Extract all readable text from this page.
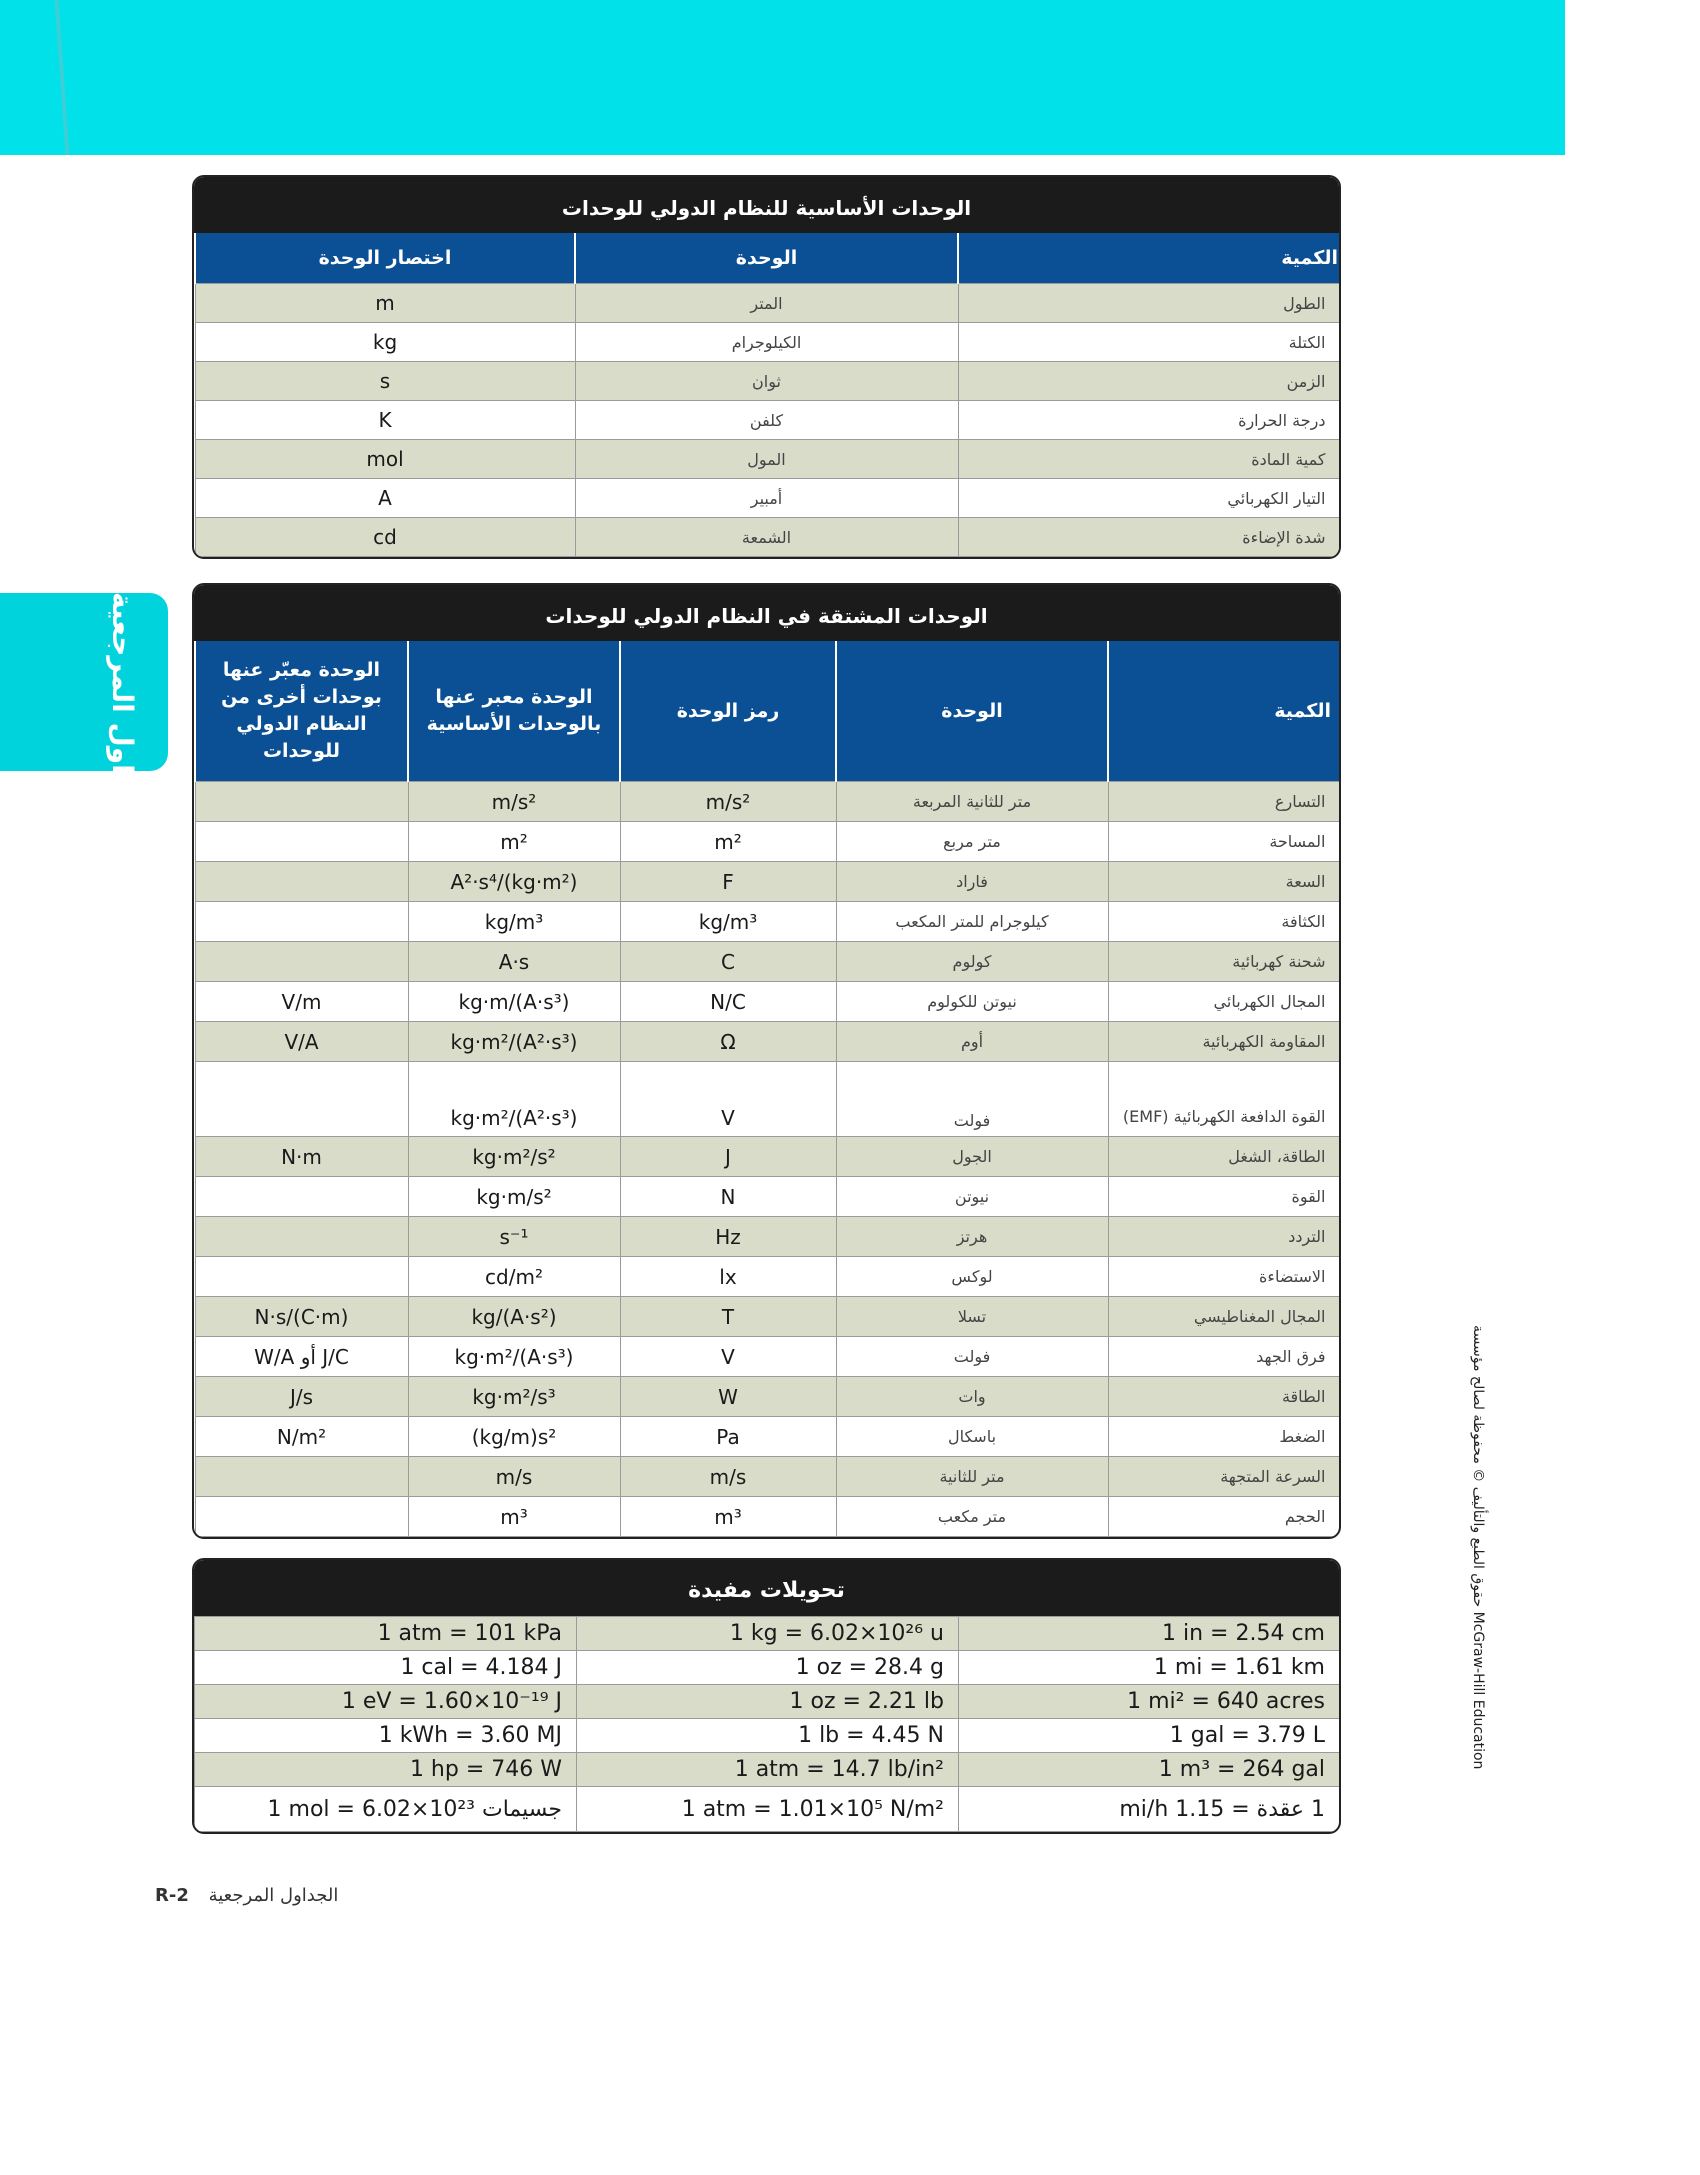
الجداول المرجعية
الوحدات الأساسية للنظام الدولي للوحدات
اختصار الوحدة	الوحدة	الكمية
m	المتر	الطول
kg	الكيلوجرام	الكتلة
s	ثوان	الزمن
K	كلفن	درجة الحرارة
mol	المول	كمية المادة
A	أمبير	التيار الكهربائي
cd	الشمعة	شدة الإضاءة
الوحدات المشتقة في النظام الدولي للوحدات
الوحدة معبّر عنها بوحدات أخرى من النظام الدولي للوحدات	الوحدة معبر عنها بالوحدات الأساسية	رمز الوحدة	الوحدة	الكمية
	m/s²	m/s²	متر للثانية المربعة	التسارع
	m²	m²	متر مربع	المساحة
	A²·s⁴/(kg·m²)	F	فاراد	السعة
	kg/m³	kg/m³	كيلوجرام للمتر المكعب	الكثافة
	A·s	C	كولوم	شحنة كهربائية
V/m	kg·m/(A·s³)	N/C	نيوتن للكولوم	المجال الكهربائي
V/A	kg·m²/(A²·s³)	Ω	أوم	المقاومة الكهربائية
	kg·m²/(A²·s³)	V	فولت	القوة الدافعة الكهربائية (EMF)
N·m	kg·m²/s²	J	الجول	الطاقة، الشغل
	kg·m/s²	N	نيوتن	القوة
	s⁻¹	Hz	هرتز	التردد
	cd/m²	lx	لوكس	الاستضاءة
N·s/(C·m)	kg/(A·s²)	T	تسلا	المجال المغناطيسي
W/A أو J/C	kg·m²/(A·s³)	V	فولت	فرق الجهد
J/s	kg·m²/s³	W	وات	الطاقة
N/m²	(kg/m)s²	Pa	باسكال	الضغط
	m/s	m/s	متر للثانية	السرعة المتجهة
	m³	m³	متر مكعب	الحجم
تحويلات مفيدة
1 atm = 101 kPa	1 kg = 6.02×10²⁶ u	1 in = 2.54 cm
1 cal = 4.184 J	1 oz = 28.4 g	1 mi = 1.61 km
1 eV = 1.60×10⁻¹⁹ J	1 oz = 2.21 lb	1 mi² = 640 acres
1 kWh = 3.60 MJ	1 lb = 4.45 N	1 gal = 3.79 L
1 hp = 746 W	1 atm = 14.7 lb/in²	1 m³ = 264 gal
1 mol = 6.02×10²³ جسيمات	1 atm = 1.01×10⁵ N/m²	1 عقدة = 1.15 mi/h
R-2 الجداول المرجعية
حقوق الطبع والتأليف © محفوظة لصالح مؤسسة McGraw-Hill Education
